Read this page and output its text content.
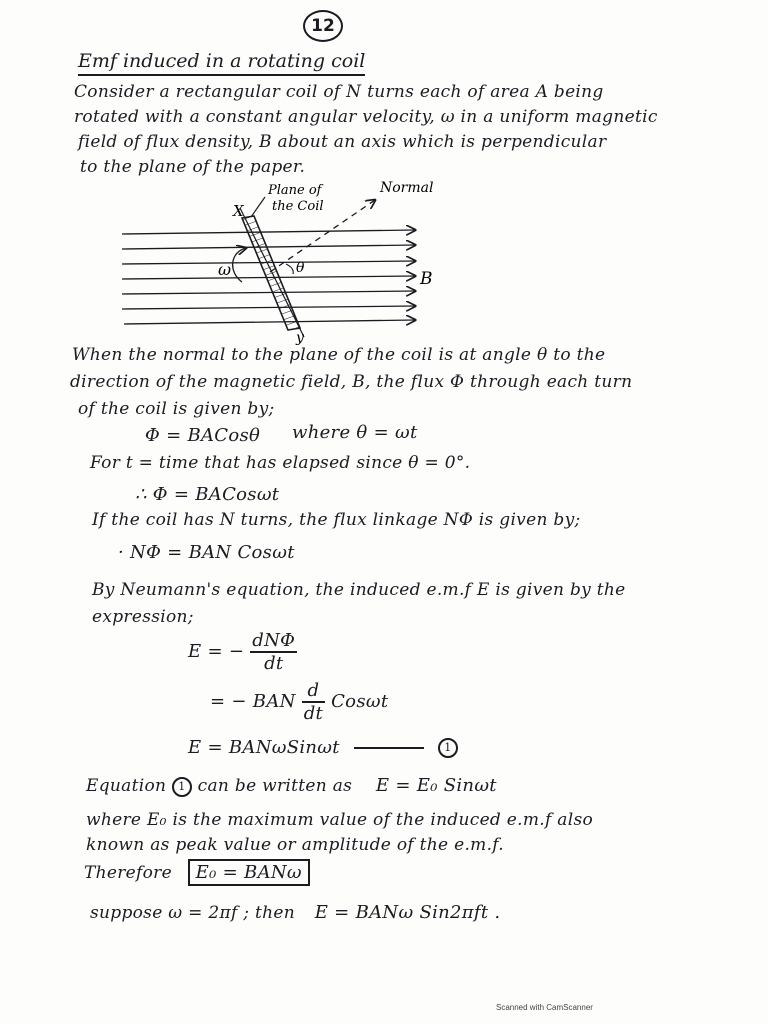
12
Emf induced in a rotating coil
Consider a rectangular coil of N turns each of area A being
rotated with a constant angular velocity, ω in a uniform magnetic
field of flux density, B about an axis which is perpendicular
to the plane of the paper.
X
Plane of
the Coil
Normal
ω	θ
B
y
When the normal to the plane of the coil is at angle θ to the
direction of the magnetic field, B, the flux Φ through each turn
of the coil is given by;
Φ = BACosθ where θ = ωt
For t = time that has elapsed since θ = 0°.
∴ Φ = BACosωt
If the coil has N turns, the flux linkage NΦ is given by;
· NΦ = BAN Cosωt
By Neumann's equation, the induced e.m.f E is given by the
expression;
E = − $\frac{\text{dNΦ}}{dt}$
= − BAN $\frac{d}{dt}$ Cosωt
E = BANωSinωt	1
Equation 1 can be written as E = E₀ Sinωt
where E₀ is the maximum value of the induced e.m.f also
known as peak value or amplitude of the e.m.f.
Therefore E₀ = BANω
suppose ω = 2πf ; then E = BANω Sin2πft .
Scanned with CamScanner
